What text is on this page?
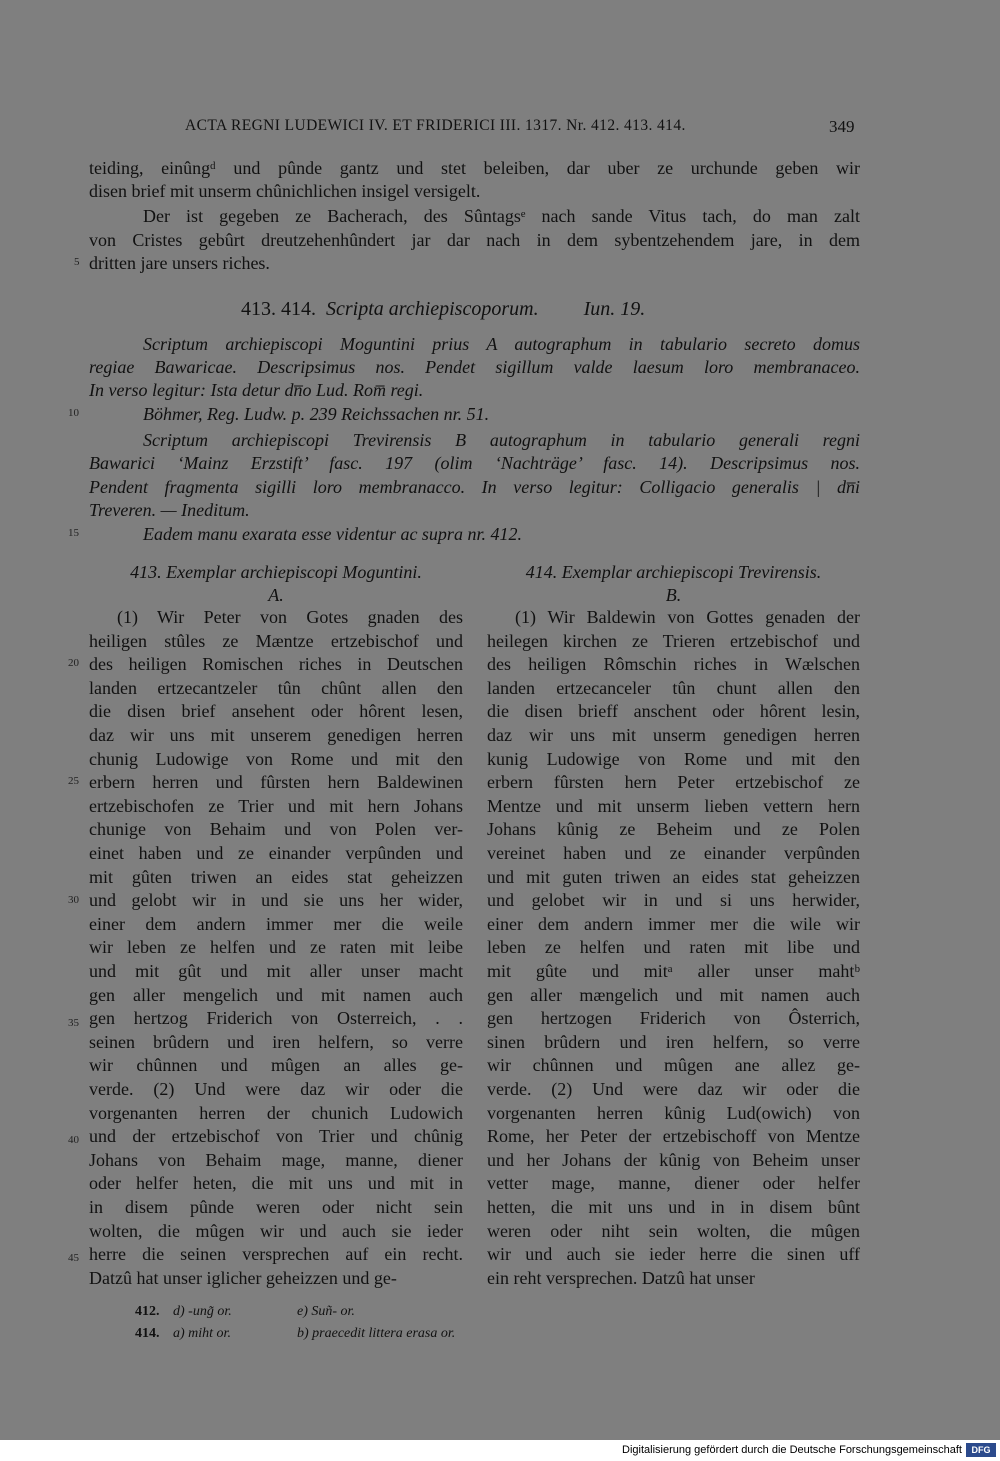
ACTA REGNI LUDEWICI IV. ET FRIDERICI III. 1317. Nr. 412. 413. 414.	349
teiding, einûngᵈ und pûnde gantz und stet beleiben, dar uber ze urchunde geben wir
disen brief mit unserm chûnichlichen insigel versigelt.
Der ist gegeben ze Bacherach, des Sûntagsᵉ nach sande Vitus tach, do man zalt
von Cristes gebûrt dreutzehenhûndert jar dar nach in dem sybentzehendem jare, in dem
dritten jare unsers riches.
413. 414. Scripta archiepiscoporum. Iun. 19.
Scriptum archiepiscopi Moguntini prius A autographum in tabulario secreto domus
regiae Bawaricae. Descripsimus nos. Pendet sigillum valde laesum loro membranaceo.
In verso legitur: Ista detur dn̅o Lud. Rom̅ regi.
Böhmer, Reg. Ludw. p. 239 Reichssachen nr. 51.
Scriptum archiepiscopi Trevirensis B autographum in tabulario generali regni
Bawarici ‘Mainz Erzstift’ fasc. 197 (olim ‘Nachträge’ fasc. 14). Descripsimus nos.
Pendent fragmenta sigilli loro membranacco. In verso legitur: Colligacio generalis | dn̅i
Treveren. — Ineditum.
Eadem manu exarata esse videntur ac supra nr. 412.
5
10
15
20
25
30
35
40
45
413. Exemplar archiepiscopi Moguntini.
A.
414. Exemplar archiepiscopi Trevirensis.
B.
(1) Wir Peter von Gotes gnaden des
heiligen stûles ze Mæntze ertzebischof und
des heiligen Romischen riches in Deutschen
landen ertzecantzeler tûn chûnt allen den
die disen brief ansehent oder hôrent lesen,
daz wir uns mit unserem genedigen herren
chunig Ludowige von Rome und mit den
erbern herren und fûrsten hern Baldewinen
ertzebischofen ze Trier und mit hern Johans
chunige von Behaim und von Polen ver-
einet haben und ze einander verpûnden und
mit gûten triwen an eides stat geheizzen
und gelobt wir in und sie uns her wider,
einer dem andern immer mer die weile
wir leben ze helfen und ze raten mit leibe
und mit gût und mit aller unser macht
gen aller mengelich und mit namen auch
gen hertzog Friderich von Osterreich, . .
seinen brûdern und iren helfern, so verre
wir chûnnen und mûgen an alles ge-
verde. (2) Und were daz wir oder die
vorgenanten herren der chunich Ludowich
und der ertzebischof von Trier und chûnig
Johans von Behaim mage, manne, diener
oder helfer heten, die mit uns und mit in
in disem pûnde weren oder nicht sein
wolten, die mûgen wir und auch sie ieder
herre die seinen versprechen auf ein recht.
Datzû hat unser iglicher geheizzen und ge-
(1) Wir Baldewin von Gottes genaden der
heilegen kirchen ze Trieren ertzebischof und
des heiligen Rômschin riches in Wælschen
landen ertzecanceler tûn chunt allen den
die disen brieff anschent oder hôrent lesin,
daz wir uns mit unserm genedigen herren
kunig Ludowige von Rome und mit den
erbern fûrsten hern Peter ertzebischof ze
Mentze und mit unserm lieben vettern hern
Johans kûnig ze Beheim und ze Polen
vereinet haben und ze einander verpûnden
und mit guten triwen an eides stat geheizzen
und gelobet wir in und si uns herwider,
einer dem andern immer mer die wile wir
leben ze helfen und raten mit libe und
mit gûte und mitᵃ aller unser mahtᵇ
gen aller mængelich und mit namen auch
gen hertzogen Friderich von Ôsterrich,
sinen brûdern und iren helfern, so verre
wir chûnnen und mûgen ane allez ge-
verde. (2) Und were daz wir oder die
vorgenanten herren kûnig Lud(owich) von
Rome, her Peter der ertzebischoff von Mentze
und her Johans der kûnig von Beheim unser
vetter mage, manne, diener oder helfer
hetten, die mit uns und in in disem bûnt
weren oder niht sein wolten, die mûgen
wir und auch sie ieder herre die sinen uff
ein reht versprechen. Datzû hat unser
412. d) -ung̃ or.	e) Suñ- or.
414. a) miht or.	b) praecedit littera erasa or.
Digitalisierung gefördert durch die Deutsche Forschungsgemeinschaft	DFG
